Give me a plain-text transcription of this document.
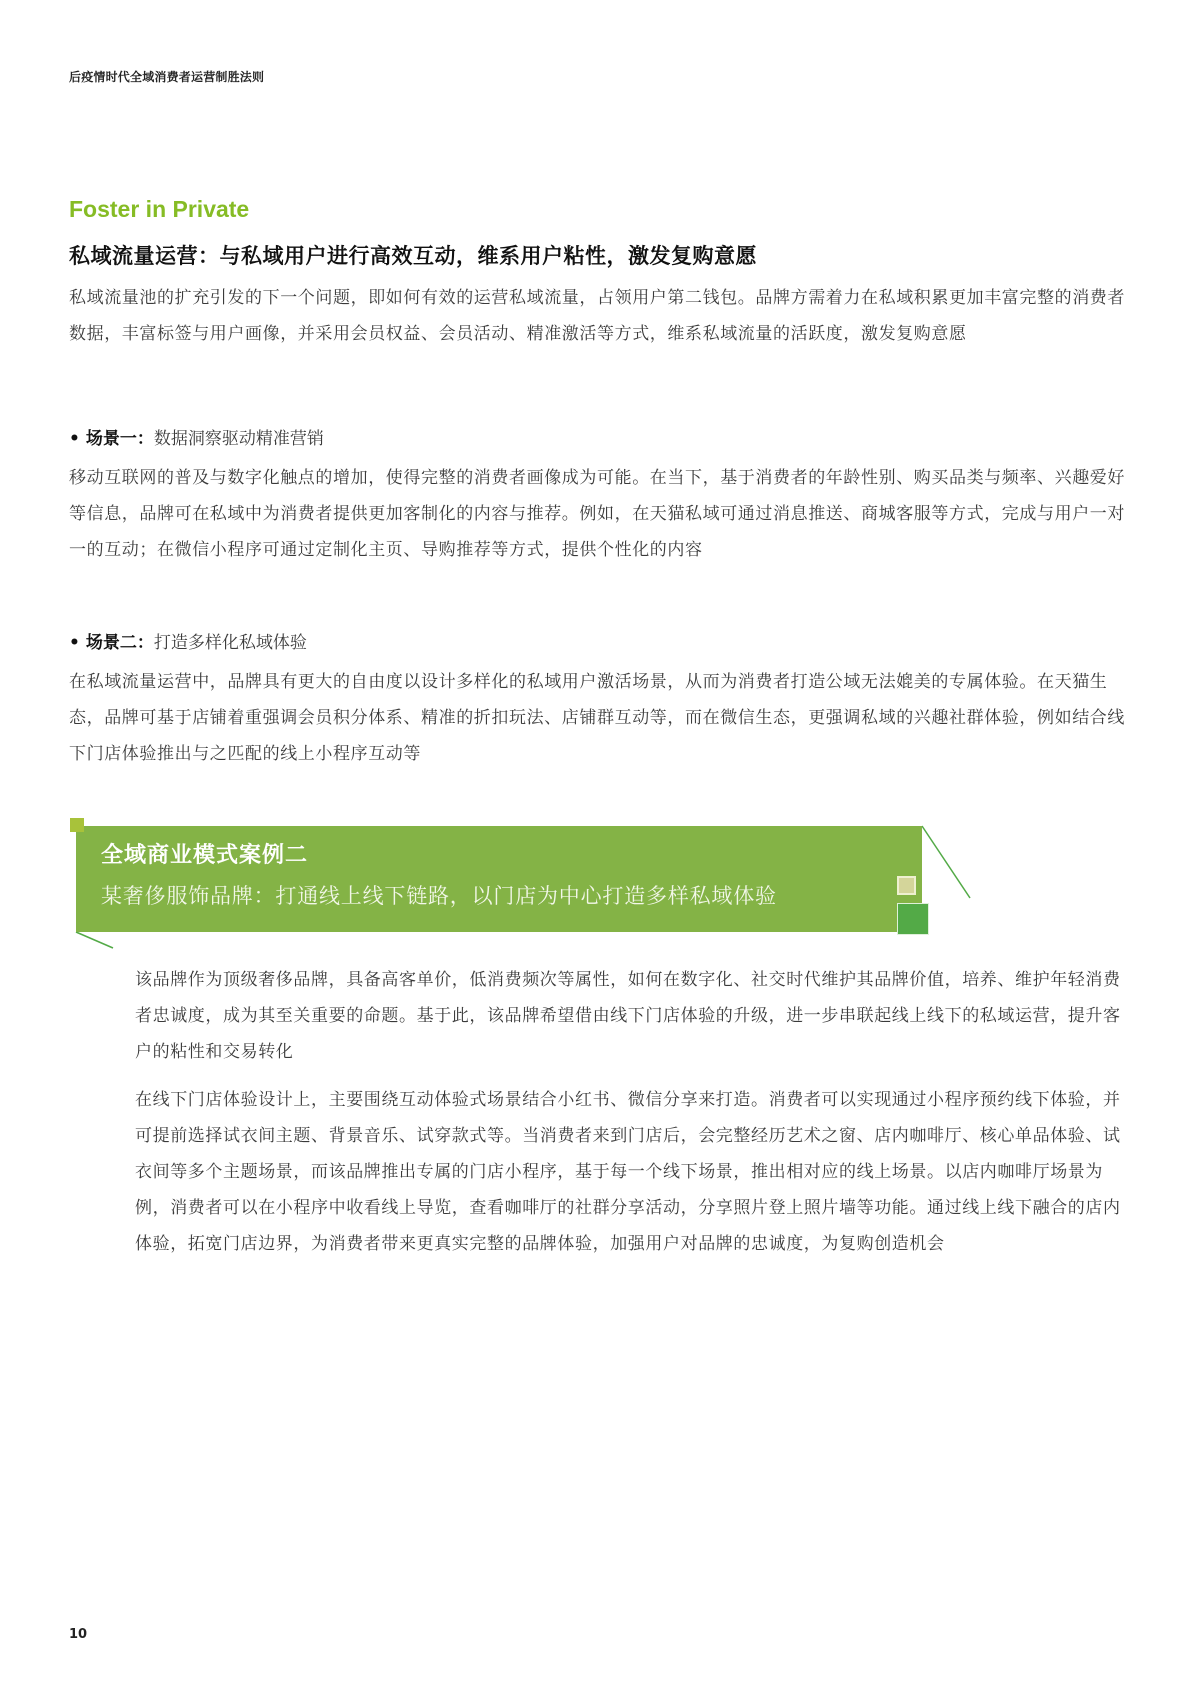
后疫情时代全域消费者运营制胜法则
Foster in Private
私域流量运营：与私域用户进行高效互动，维系用户粘性，激发复购意愿
私域流量池的扩充引发的下一个问题，即如何有效的运营私域流量，占领用户第二钱包。品牌方需着力在私域积累更加丰富完整的消费者数据，丰富标签与用户画像，并采用会员权益、会员活动、精准激活等方式，维系私域流量的活跃度，激发复购意愿
• 场景一：数据洞察驱动精准营销
移动互联网的普及与数字化触点的增加，使得完整的消费者画像成为可能。在当下，基于消费者的年龄性别、购买品类与频率、兴趣爱好等信息，品牌可在私域中为消费者提供更加客制化的内容与推荐。例如，在天猫私域可通过消息推送、商城客服等方式，完成与用户一对一的互动；在微信小程序可通过定制化主页、导购推荐等方式，提供个性化的内容
• 场景二：打造多样化私域体验
在私域流量运营中，品牌具有更大的自由度以设计多样化的私域用户激活场景，从而为消费者打造公域无法媲美的专属体验。在天猫生态，品牌可基于店铺着重强调会员积分体系、精准的折扣玩法、店铺群互动等，而在微信生态，更强调私域的兴趣社群体验，例如结合线下门店体验推出与之匹配的线上小程序互动等
全域商业模式案例二
某奢侈服饰品牌：打通线上线下链路，以门店为中心打造多样私域体验
该品牌作为顶级奢侈品牌，具备高客单价，低消费频次等属性，如何在数字化、社交时代维护其品牌价值，培养、维护年轻消费者忠诚度，成为其至关重要的命题。基于此，该品牌希望借由线下门店体验的升级，进一步串联起线上线下的私域运营，提升客户的粘性和交易转化
在线下门店体验设计上，主要围绕互动体验式场景结合小红书、微信分享来打造。消费者可以实现通过小程序预约线下体验，并可提前选择试衣间主题、背景音乐、试穿款式等。当消费者来到门店后，会完整经历艺术之窗、店内咖啡厅、核心单品体验、试衣间等多个主题场景，而该品牌推出专属的门店小程序，基于每一个线下场景，推出相对应的线上场景。以店内咖啡厅场景为例，消费者可以在小程序中收看线上导览，查看咖啡厅的社群分享活动，分享照片登上照片墙等功能。通过线上线下融合的店内体验，拓宽门店边界，为消费者带来更真实完整的品牌体验，加强用户对品牌的忠诚度，为复购创造机会
10
